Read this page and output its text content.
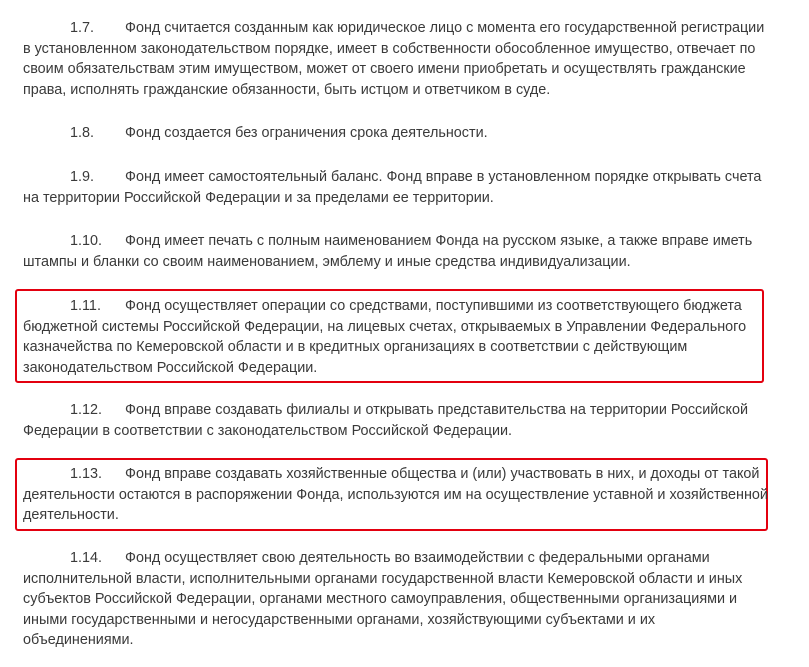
1.7. Фонд считается созданным как юридическое лицо с момента его государственной регистрации в установленном законодательством порядке, имеет в собственности обособленное имущество, отвечает по своим обязательствам этим имуществом, может от своего имени приобретать и осуществлять гражданские права, исполнять гражданские обязанности, быть истцом и ответчиком в суде.

1.8. Фонд создается без ограничения срока деятельности.

1.9. Фонд имеет самостоятельный баланс. Фонд вправе в установленном порядке открывать счета на территории Российской Федерации и за пределами ее территории.

1.10. Фонд имеет печать с полным наименованием Фонда на русском языке, а также вправе иметь штампы и бланки со своим наименованием, эмблему и иные средства индивидуализации.

1.11. Фонд осуществляет операции со средствами, поступившими из соответствующего бюджета бюджетной системы Российской Федерации, на лицевых счетах, открываемых в Управлении Федерального казначейства по Кемеровской области и в кредитных организациях в соответствии с действующим законодательством Российской Федерации.

1.12. Фонд вправе создавать филиалы и открывать представительства на территории Российской Федерации в соответствии с законодательством Российской Федерации.

1.13. Фонд вправе создавать хозяйственные общества и (или) участвовать в них, и доходы от такой деятельности остаются в распоряжении Фонда, используются им на осуществление уставной и хозяйственной деятельности.

1.14. Фонд осуществляет свою деятельность во взаимодействии с федеральными органами исполнительной власти, исполнительными органами государственной власти Кемеровской области и иных субъектов Российской Федерации, органами местного самоуправления, общественными организациями и иными государственными и негосударственными органами, хозяйствующими субъектами и их объединениями.
